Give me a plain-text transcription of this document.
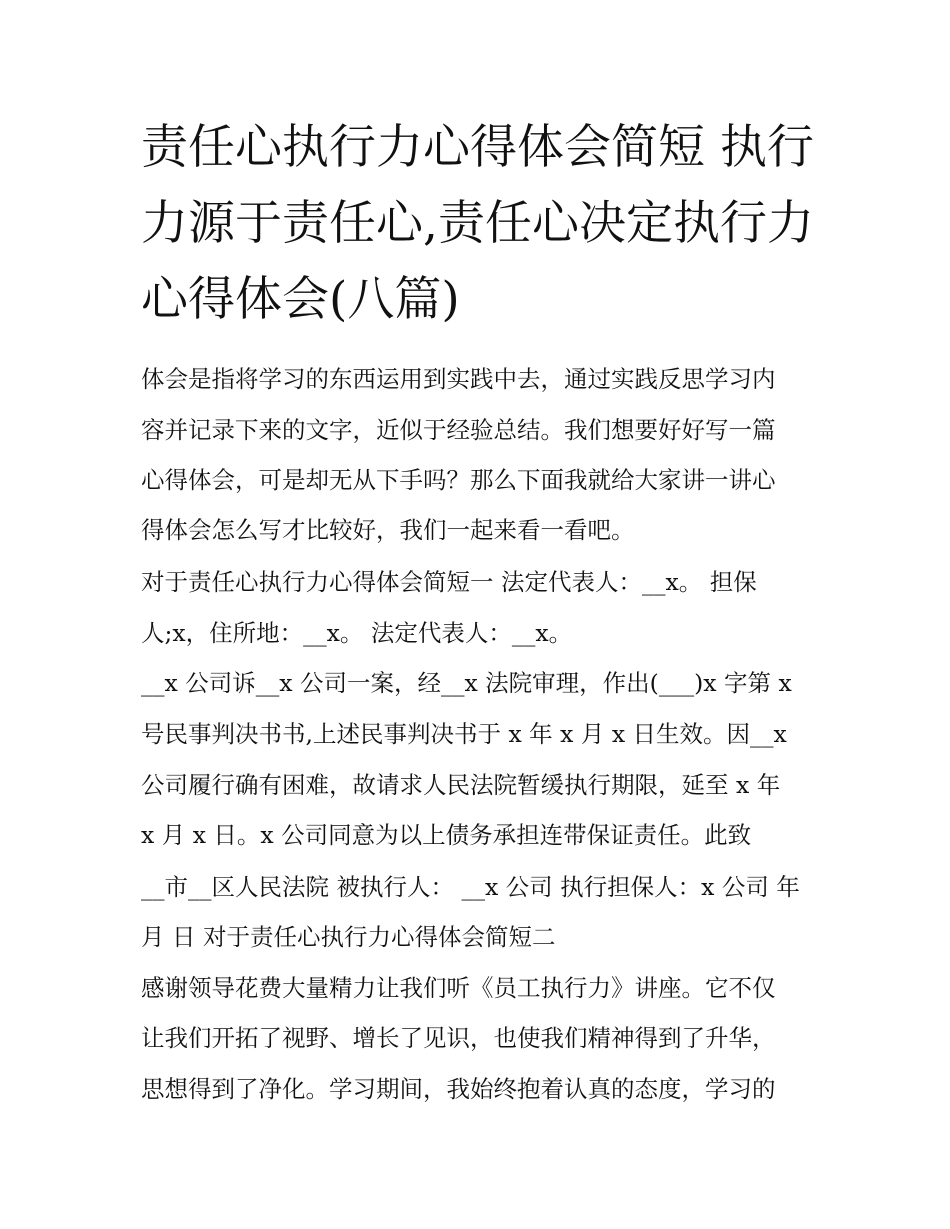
责任心执行力心得体会简短 执行力源于责任心,责任心决定执行力心得体会(八篇)
体会是指将学习的东西运用到实践中去，通过实践反思学习内
容并记录下来的文字，近似于经验总结。我们想要好好写一篇
心得体会，可是却无从下手吗？那么下面我就给大家讲一讲心
得体会怎么写才比较好，我们一起来看一看吧。
对于责任心执行力心得体会简短一 法定代表人：__x。 担保
人;x，住所地：__x。 法定代表人：__x。
__x 公司诉__x 公司一案，经__x 法院审理，作出(___)x 字第 x
号民事判决书书,上述民事判决书于 x 年 x 月 x 日生效。因__x
公司履行确有困难，故请求人民法院暂缓执行期限，延至 x 年
x 月 x 日。x 公司同意为以上债务承担连带保证责任。此致
__市__区人民法院 被执行人： __x 公司 执行担保人：x 公司 年
月 日 对于责任心执行力心得体会简短二
感谢领导花费大量精力让我们听《员工执行力》讲座。它不仅
让我们开拓了视野、增长了见识，也使我们精神得到了升华，
思想得到了净化。学习期间，我始终抱着认真的态度，学习的
